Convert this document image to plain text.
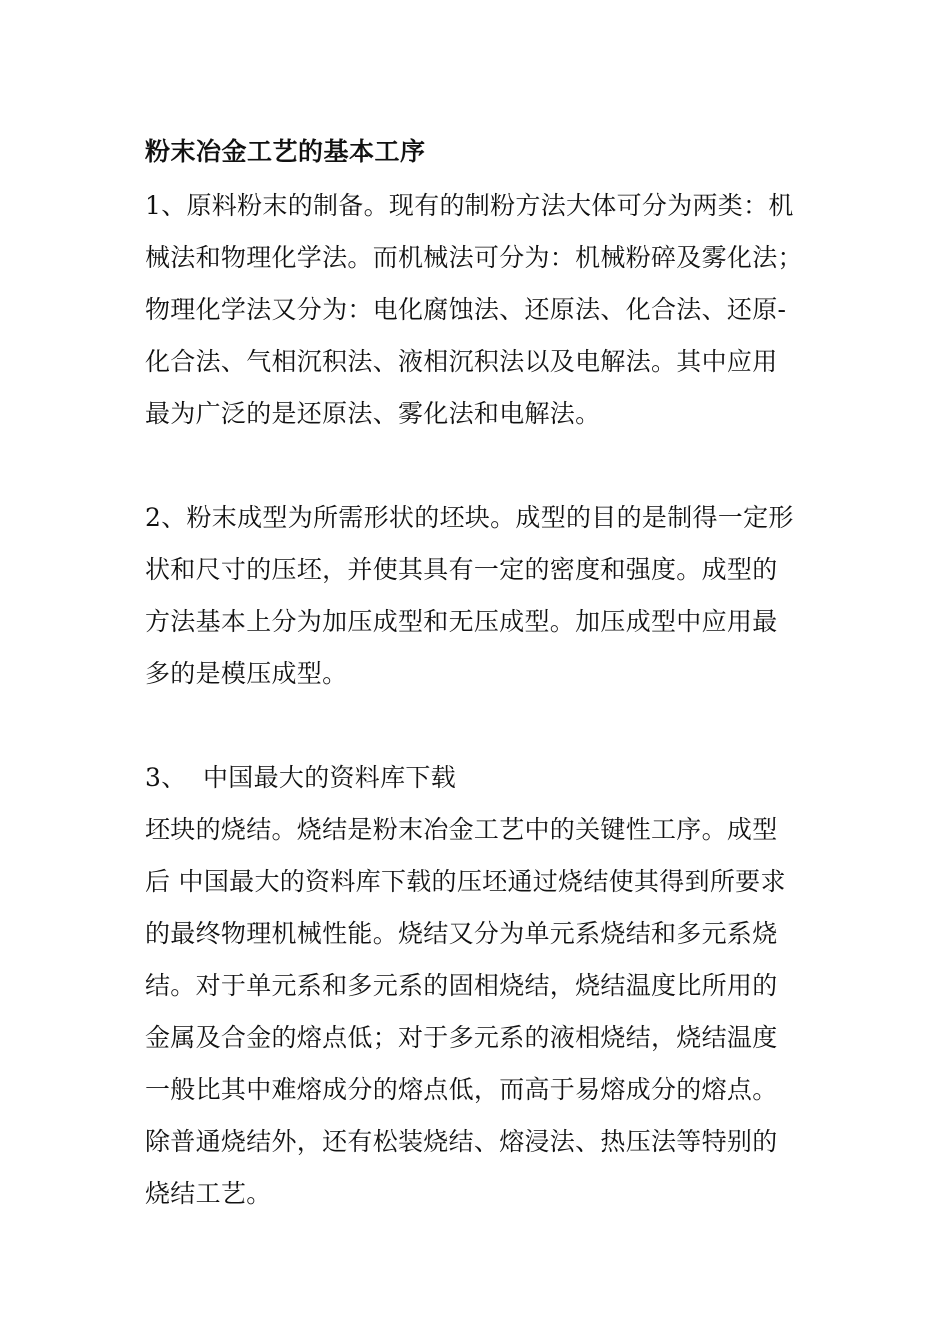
粉末冶金工艺的基本工序

1、原料粉末的制备。现有的制粉方法大体可分为两类：机

械法和物理化学法。而机械法可分为：机械粉碎及雾化法；

物理化学法又分为：电化腐蚀法、还原法、化合法、还原-

化合法、气相沉积法、液相沉积法以及电解法。其中应用

最为广泛的是还原法、雾化法和电解法。

2、粉末成型为所需形状的坯块。成型的目的是制得一定形

状和尺寸的压坯，并使其具有一定的密度和强度。成型的

方法基本上分为加压成型和无压成型。加压成型中应用最

多的是模压成型。

3、  中国最大的资料库下载

坯块的烧结。烧结是粉末冶金工艺中的关键性工序。成型

后 中国最大的资料库下载的压坯通过烧结使其得到所要求

的最终物理机械性能。烧结又分为单元系烧结和多元系烧

结。对于单元系和多元系的固相烧结，烧结温度比所用的

金属及合金的熔点低；对于多元系的液相烧结，烧结温度

一般比其中难熔成分的熔点低，而高于易熔成分的熔点。

除普通烧结外，还有松装烧结、熔浸法、热压法等特别的

烧结工艺。
